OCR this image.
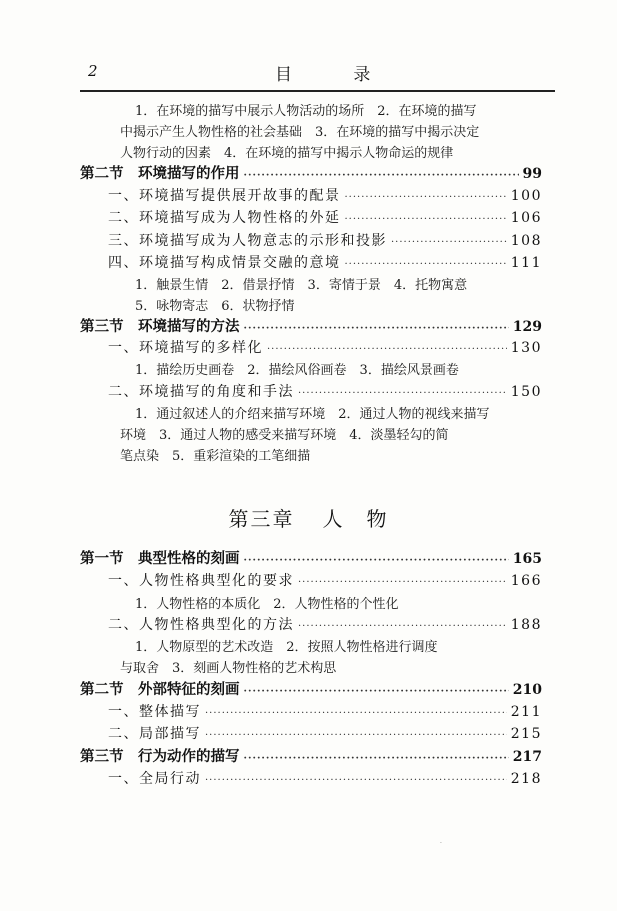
2	目 录
1．在环境的描写中展示人物活动的场所　2．在环境的描写
中揭示产生人物性格的社会基础　3．在环境的描写中揭示决定
人物行动的因素　4．在环境的描写中揭示人物命运的规律
第二节　环境描写的作用 ·····	99
一、环境描写提供展开故事的配景 ·····	100
二、环境描写成为人物性格的外延 ·····	106
三、环境描写成为人物意志的示形和投影 ·····	108
四、环境描写构成情景交融的意境 ·····	111
1．触景生情　2．借景抒情　3．寄情于景　4．托物寓意
5．咏物寄志　6．状物抒情
第三节　环境描写的方法 ·····	129
一、环境描写的多样化 ·····	130
1．描绘历史画卷　2．描绘风俗画卷　3．描绘风景画卷
二、环境描写的角度和手法 ·····	150
1．通过叙述人的介绍来描写环境　2．通过人物的视线来描写
环境　3．通过人物的感受来描写环境　4．淡墨轻勾的简
笔点染　5．重彩渲染的工笔细描
第三章 人　物
第一节　典型性格的刻画 ·····	165
一、人物性格典型化的要求 ·····	166
1．人物性格的本质化　2．人物性格的个性化
二、人物性格典型化的方法 ·····	188
1．人物原型的艺术改造　2．按照人物性格进行调度
与取舍　3．刻画人物性格的艺术构思
第二节　外部特征的刻画 ·····	210
一、整体描写 ·····	211
二、局部描写 ·····	215
第三节　行为动作的描写 ·····	217
一、全局行动 ·····	218
·
